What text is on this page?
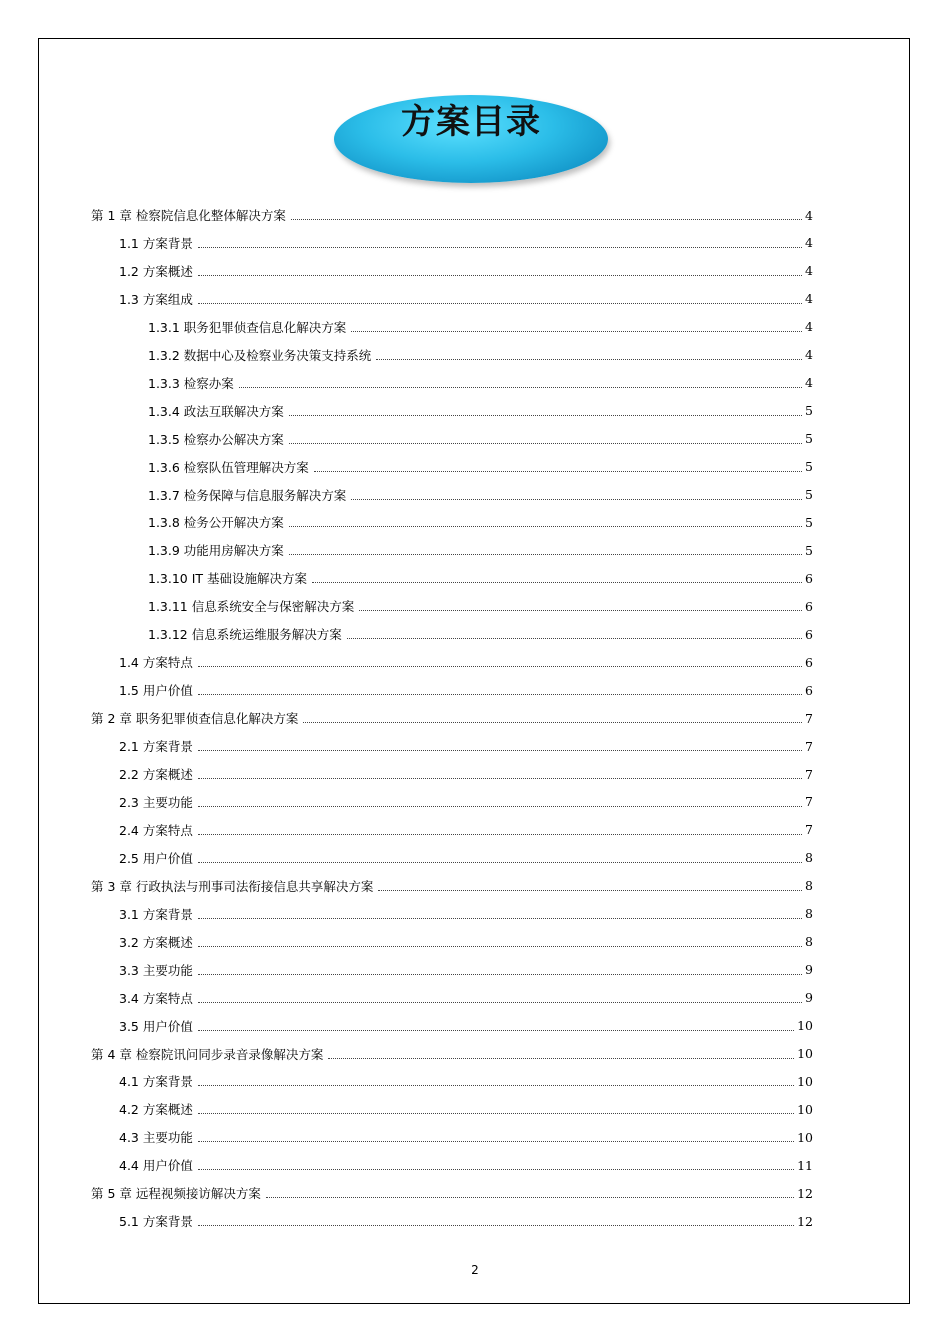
方案目录
第 1 章 检察院信息化整体解决方案	4
1.1 方案背景	4
1.2 方案概述	4
1.3 方案组成	4
1.3.1 职务犯罪侦查信息化解决方案	4
1.3.2 数据中心及检察业务决策支持系统	4
1.3.3 检察办案	4
1.3.4 政法互联解决方案	5
1.3.5 检察办公解决方案	5
1.3.6 检察队伍管理解决方案	5
1.3.7 检务保障与信息服务解决方案	5
1.3.8 检务公开解决方案	5
1.3.9 功能用房解决方案	5
1.3.10 IT 基础设施解决方案	6
1.3.11 信息系统安全与保密解决方案	6
1.3.12 信息系统运维服务解决方案	6
1.4 方案特点	6
1.5 用户价值	6
第 2 章 职务犯罪侦查信息化解决方案	7
2.1 方案背景	7
2.2 方案概述	7
2.3 主要功能	7
2.4 方案特点	7
2.5 用户价值	8
第 3 章 行政执法与刑事司法衔接信息共享解决方案	8
3.1 方案背景	8
3.2 方案概述	8
3.3 主要功能	9
3.4 方案特点	9
3.5 用户价值	10
第 4 章 检察院讯问同步录音录像解决方案	10
4.1 方案背景	10
4.2 方案概述	10
4.3 主要功能	10
4.4 用户价值	11
第 5 章 远程视频接访解决方案	12
5.1 方案背景	12
2
